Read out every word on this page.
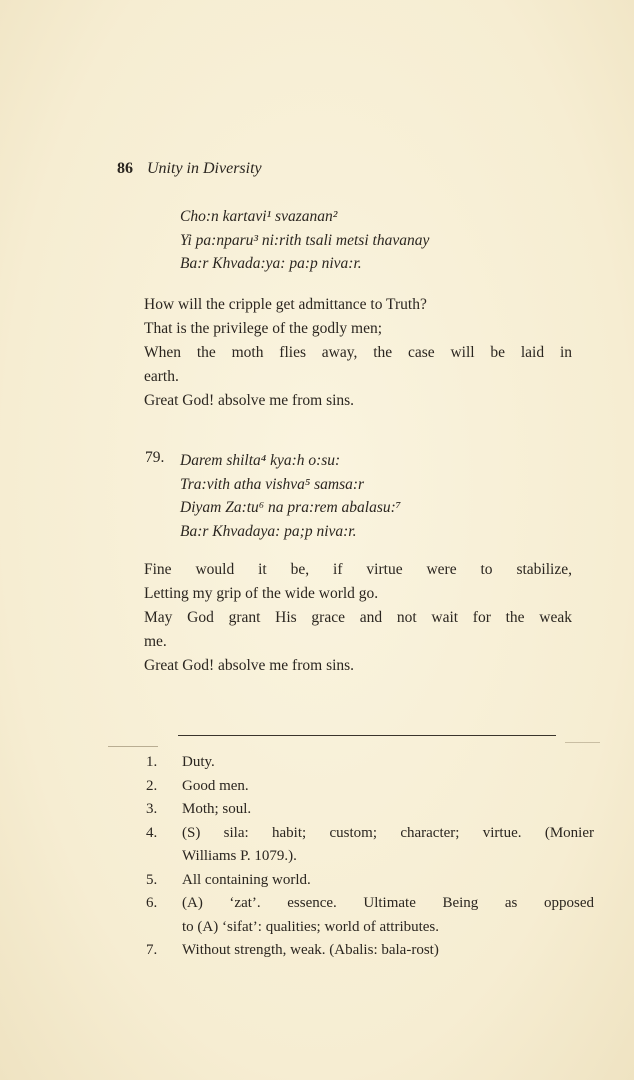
86 Unity in Diversity
Cho:n kartavi¹ svazanan²
Yi pa:nparu³ ni:rith tsali metsi thavanay
Ba:r Khvada:ya: pa:p niva:r.

How will the cripple get admittance to Truth?

That is the privilege of the godly men;

When the moth flies away, the case will be laid in

earth.

Great God! absolve me from sins.

79. Darem shilta⁴ kya:h o:su:
Tra:vith atha vishva⁵ samsa:r
Diyam Za:tu⁶ na pra:rem abalasu:⁷
Ba:r Khvadaya: pa;p niva:r.

Fine would it be, if virtue were to stabilize,

Letting my grip of the wide world go.

May God grant His grace and not wait for the weak

me.

Great God! absolve me from sins.

1. Duty.
2. Good men.
3. Moth; soul.
4. (S) sila: habit; custom; character; virtue. (Monier
Williams P. 1079.).
5. All containing world.
6. (A) ‘zat’. essence. Ultimate Being as opposed
to (A) ‘sifat’: qualities; world of attributes.
7. Without strength, weak. (Abalis: bala-rost)
